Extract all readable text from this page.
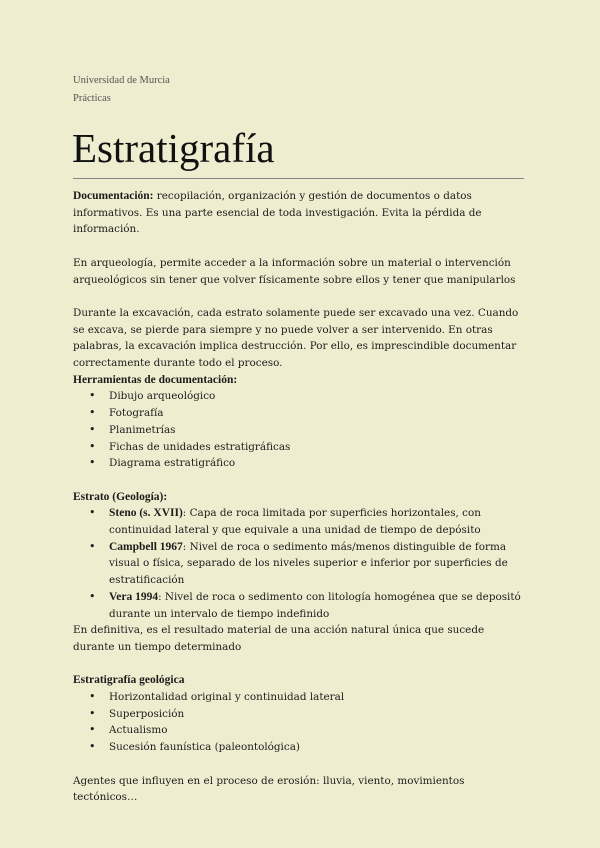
Universidad de Murcia
Prácticas
Estratigrafía

Documentación: recopilación, organización y gestión de documentos o datos informativos. Es una parte esencial de toda investigación. Evita la pérdida de información.

En arqueología, permite acceder a la información sobre un material o intervención arqueológicos sin tener que volver físicamente sobre ellos y tener que manipularlos

Durante la excavación, cada estrato solamente puede ser excavado una vez. Cuando se excava, se pierde para siempre y no puede volver a ser intervenido. En otras palabras, la excavación implica destrucción. Por ello, es imprescindible documentar correctamente durante todo el proceso.

Herramientas de documentación:

• Dibujo arqueológico
• Fotografía
• Planimetrías
• Fichas de unidades estratigráficas
• Diagrama estratigráfico

Estrato (Geología):

• Steno (s. XVII): Capa de roca limitada por superficies horizontales, con continuidad lateral y que equivale a una unidad de tiempo de depósito
• Campbell 1967: Nivel de roca o sedimento más/menos distinguible de forma visual o física, separado de los niveles superior e inferior por superficies de estratificación
• Vera 1994: Nivel de roca o sedimento con litología homogénea que se depositó durante un intervalo de tiempo indefinido

En definitiva, es el resultado material de una acción natural única que sucede durante un tiempo determinado

Estratigrafía geológica

• Horizontalidad original y continuidad lateral
• Superposición
• Actualismo
• Sucesión faunística (paleontológica)

Agentes que influyen en el proceso de erosión: lluvia, viento, movimientos tectónicos…
